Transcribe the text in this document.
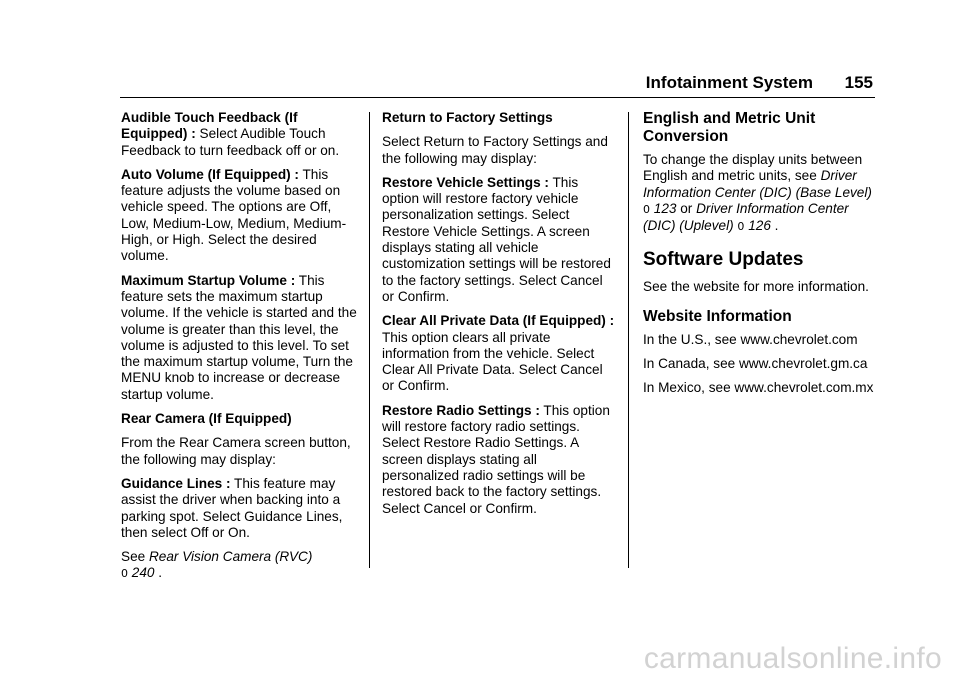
Infotainment System 155

Audible Touch Feedback (If Equipped) : Select Audible Touch Feedback to turn feedback off or on.

Auto Volume (If Equipped) : This feature adjusts the volume based on vehicle speed. The options are Off, Low, Medium-Low, Medium, Medium-High, or High. Select the desired volume.

Maximum Startup Volume : This feature sets the maximum startup volume. If the vehicle is started and the volume is greater than this level, the volume is adjusted to this level. To set the maximum startup volume, Turn the MENU knob to increase or decrease startup volume.

Rear Camera (If Equipped)

From the Rear Camera screen button, the following may display:

Guidance Lines : This feature may assist the driver when backing into a parking spot. Select Guidance Lines, then select Off or On.

See Rear Vision Camera (RVC)
0 240 .

Return to Factory Settings

Select Return to Factory Settings and the following may display:

Restore Vehicle Settings : This option will restore factory vehicle personalization settings. Select Restore Vehicle Settings. A screen displays stating all vehicle customization settings will be restored to the factory settings. Select Cancel or Confirm.

Clear All Private Data (If Equipped) : This option clears all private information from the vehicle. Select Clear All Private Data. Select Cancel or Confirm.

Restore Radio Settings : This option will restore factory radio settings. Select Restore Radio Settings. A screen displays stating all personalized radio settings will be restored back to the factory settings. Select Cancel or Confirm.

English and Metric Unit Conversion

To change the display units between English and metric units, see Driver Information Center (DIC) (Base Level) 0 123 or Driver Information Center (DIC) (Uplevel) 0 126 .

Software Updates

See the website for more information.

Website Information

In the U.S., see www.chevrolet.com

In Canada, see www.chevrolet.gm.ca

In Mexico, see www.chevrolet.com.mx

carmanualsonline.info
